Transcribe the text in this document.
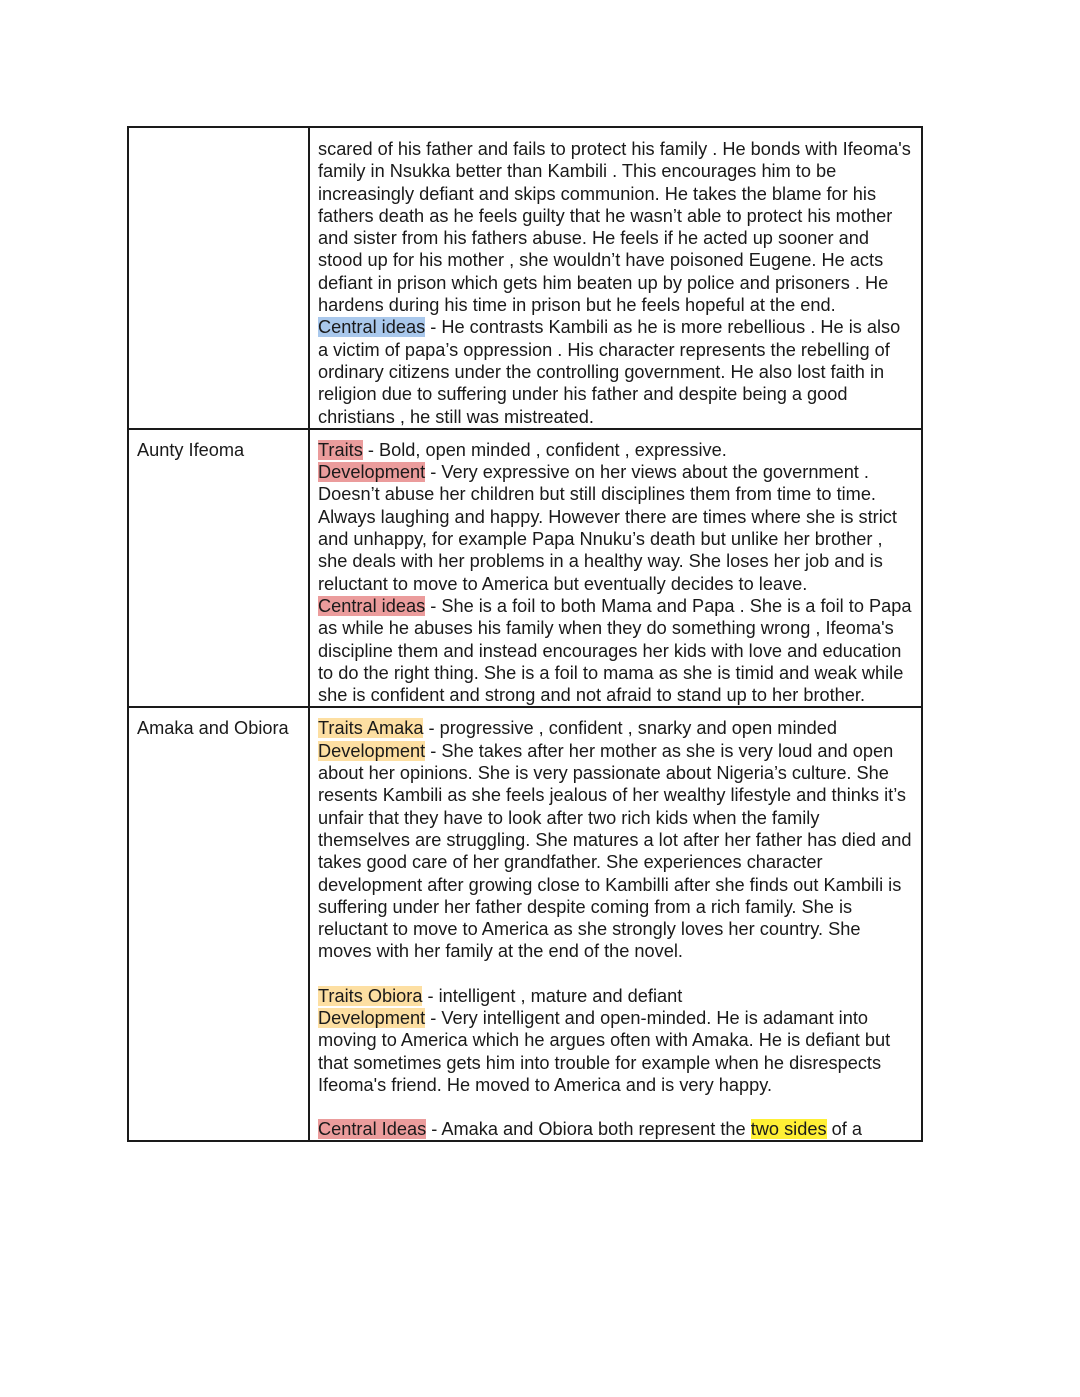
	scared of his father and fails to protect his family . He bonds with Ifeoma's family in Nsukka better than Kambili . This encourages him to be increasingly defiant and skips communion. He takes the blame for his fathers death as he feels guilty that he wasn’t able to protect his mother and sister from his fathers abuse. He feels if he acted up sooner and stood up for his mother , she wouldn’t have poisoned Eugene. He acts defiant in prison which gets him beaten up by police and prisoners . He hardens during his time in prison but he feels hopeful at the end.

Central ideas - He contrasts Kambili as he is more rebellious . He is also a victim of papa’s oppression . His character represents the rebelling of ordinary citizens under the controlling government. He also lost faith in religion due to suffering under his father and despite being a good christians , he still was mistreated.

Aunty Ifeoma	Traits - Bold, open minded , confident , expressive.

Development - Very expressive on her views about the government . Doesn’t abuse her children but still disciplines them from time to time. Always laughing and happy. However there are times where she is strict and unhappy, for example Papa Nnuku’s death but unlike her brother , she deals with her problems in a healthy way. She loses her job and is reluctant to move to America but eventually decides to leave.

Central ideas - She is a foil to both Mama and Papa . She is a foil to Papa as while he abuses his family when they do something wrong , Ifeoma's discipline them and instead encourages her kids with love and education to do the right thing. She is a foil to mama as she is timid and weak while she is confident and strong and not afraid to stand up to her brother.

Amaka and Obiora	Traits Amaka - progressive , confident , snarky and open minded

Development - She takes after her mother as she is very loud and open about her opinions. She is very passionate about Nigeria’s culture. She resents Kambili as she feels jealous of her wealthy lifestyle and thinks it’s unfair that they have to look after two rich kids when the family themselves are struggling. She matures a lot after her father has died and takes good care of her grandfather. She experiences character development after growing close to Kambilli after she finds out Kambili is suffering under her father despite coming from a rich family. She is reluctant to move to America as she strongly loves her country. She moves with her family at the end of the novel.

Traits Obiora - intelligent , mature and defiant

Development - Very intelligent and open-minded. He is adamant into moving to America which he argues often with Amaka. He is defiant but that sometimes gets him into trouble for example when he disrespects Ifeoma's friend. He moved to America and is very happy.

Central Ideas - Amaka and Obiora both represent the two sides of a
